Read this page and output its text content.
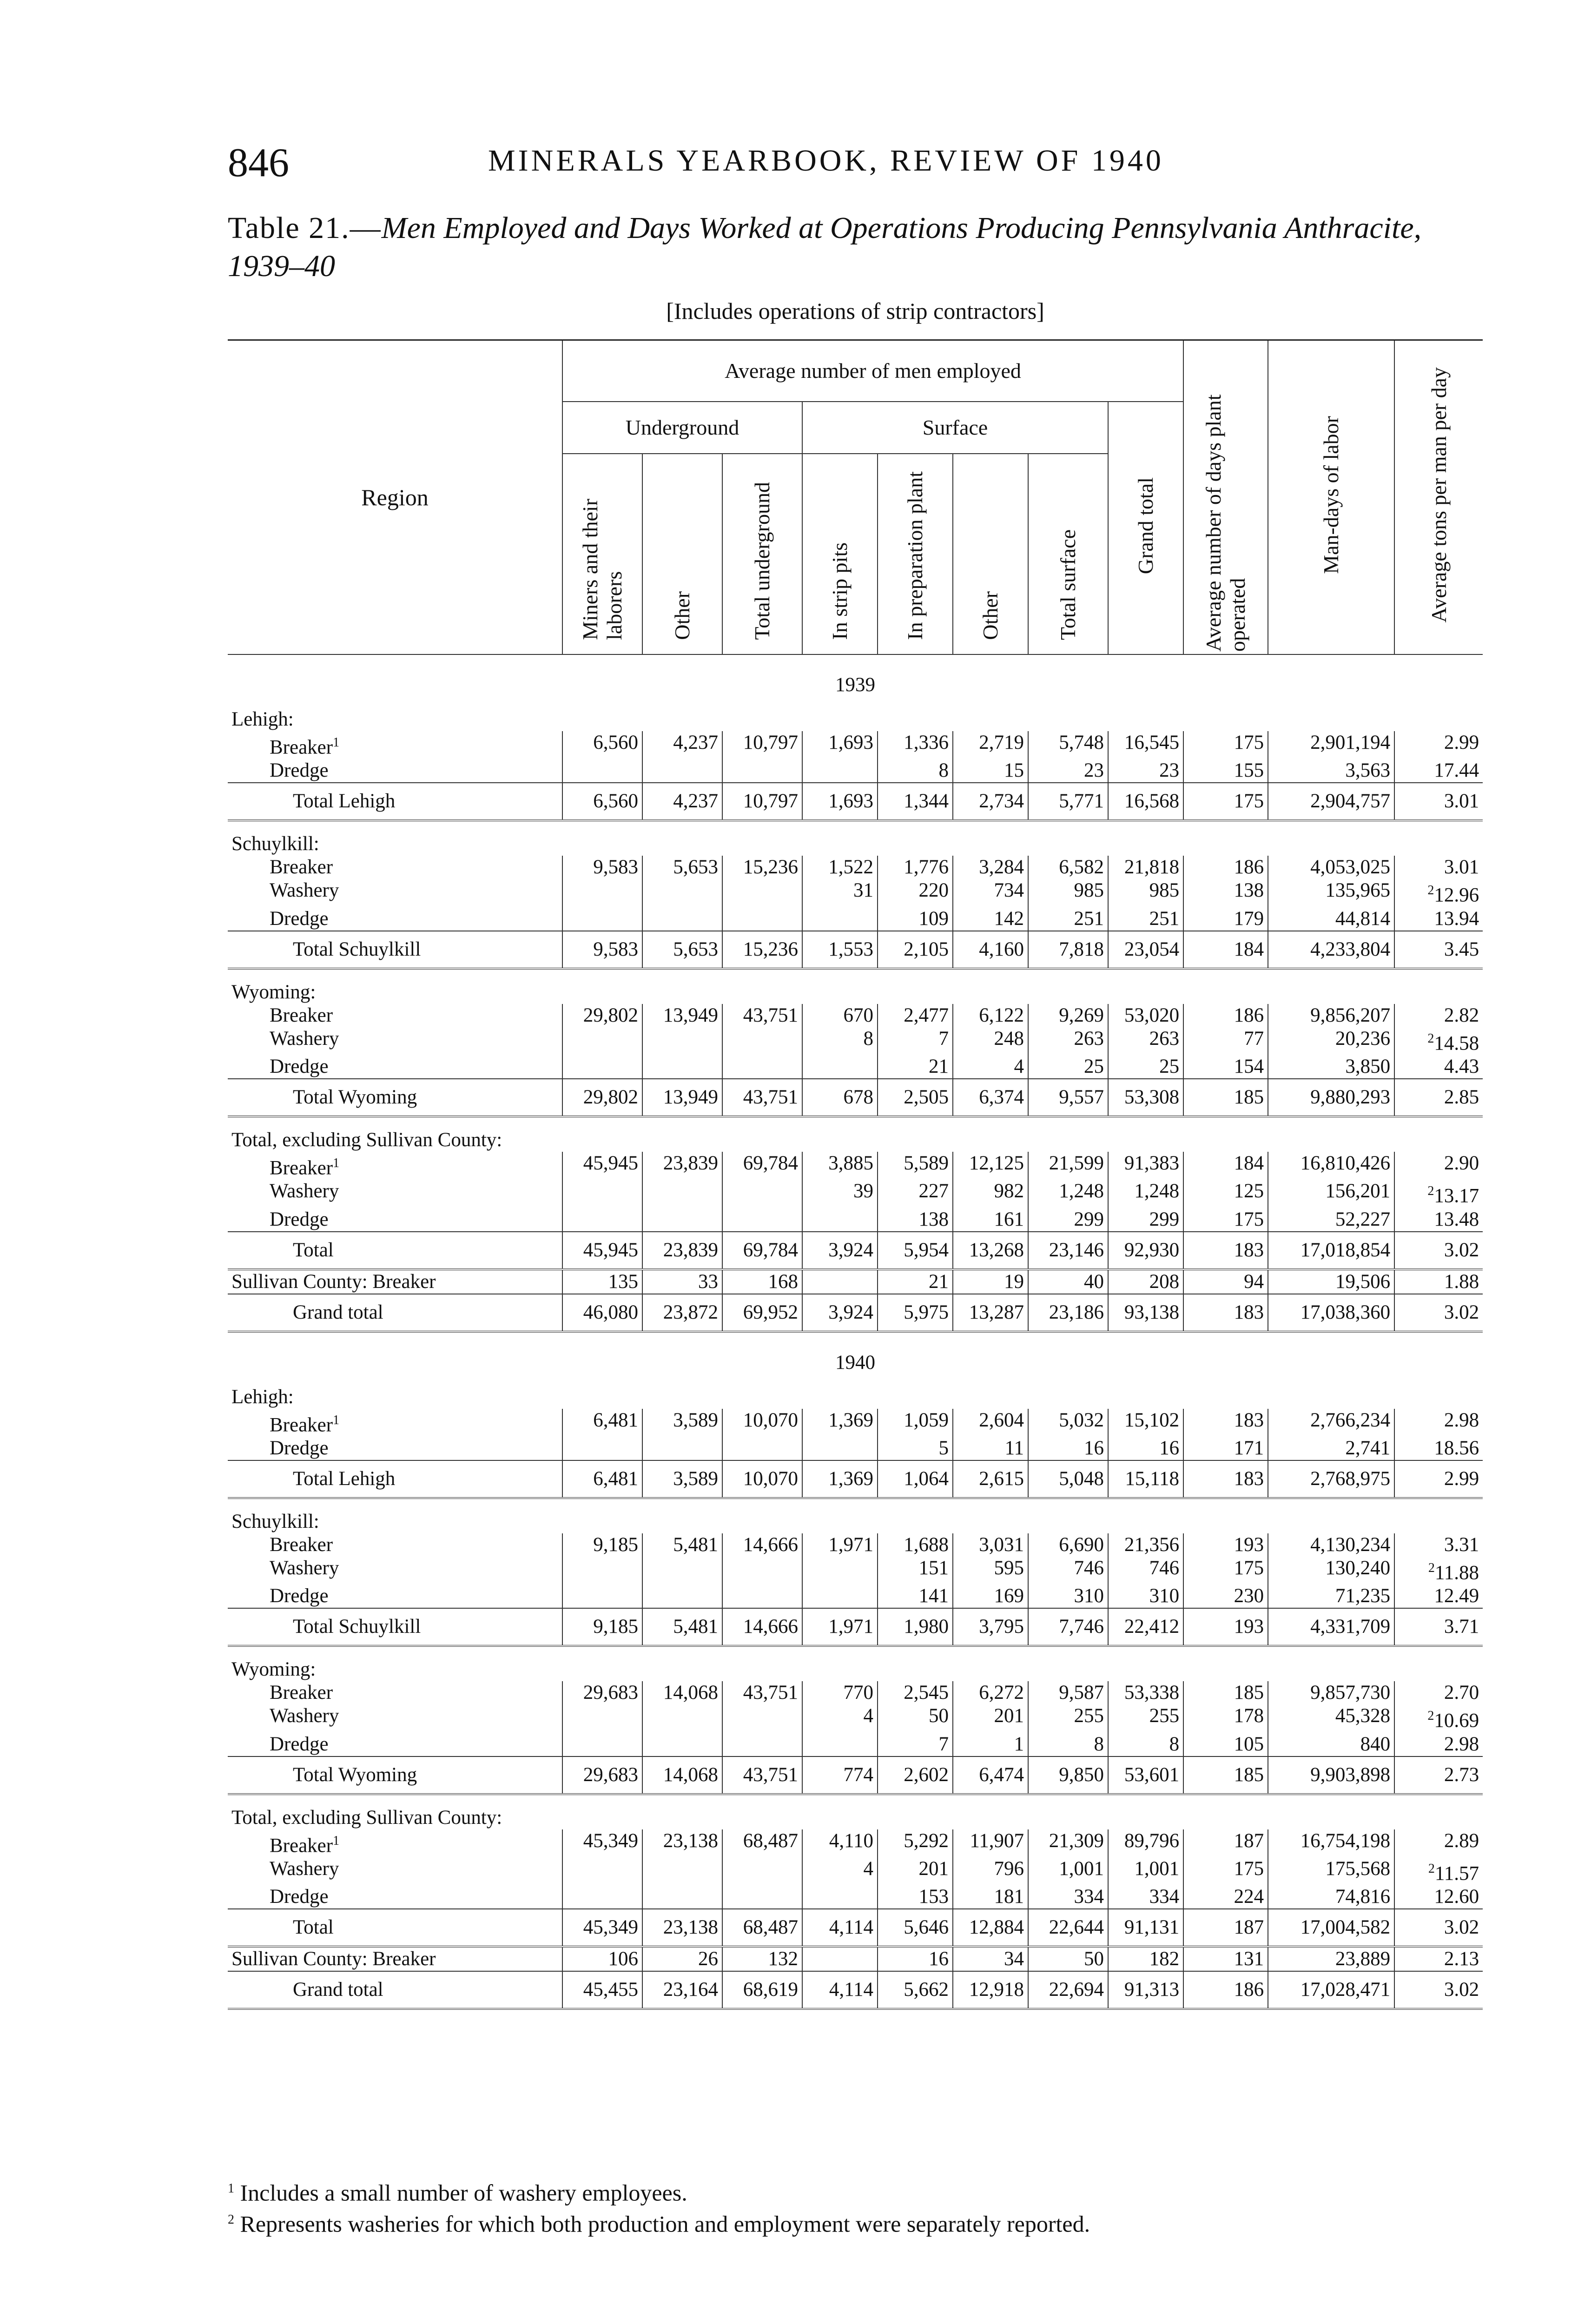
846	MINERALS YEARBOOK, REVIEW OF 1940
Table 21.—Men Employed and Days Worked at Operations Producing Pennsylvania Anthracite, 1939–40
[Includes operations of strip contractors]
Region	Average number of men employed								Average number of days plant operated	Man-days of labor	Average tons per man per day
	Underground			Surface				Grand total			
	Miners and their laborers	Other	Total underground	In strip pits	In preparation plant	Other	Total surface				
1939											
Lehigh:											
Breaker$^1$	6,560	4,237	10,797	1,693	1,336	2,719	5,748	16,545	175	2,901,194	2.99
Dredge					8	15	23	23	155	3,563	17.44
Total Lehigh	6,560	4,237	10,797	1,693	1,344	2,734	5,771	16,568	175	2,904,757	3.01
Schuylkill:											
Breaker	9,583	5,653	15,236	1,522	1,776	3,284	6,582	21,818	186	4,053,025	3.01
Washery				31	220	734	985	985	138	135,965	$^2$12.96
Dredge					109	142	251	251	179	44,814	13.94
Total Schuylkill	9,583	5,653	15,236	1,553	2,105	4,160	7,818	23,054	184	4,233,804	3.45
Wyoming:											
Breaker	29,802	13,949	43,751	670	2,477	6,122	9,269	53,020	186	9,856,207	2.82
Washery				8	7	248	263	263	77	20,236	$^2$14.58
Dredge					21	4	25	25	154	3,850	4.43
Total Wyoming	29,802	13,949	43,751	678	2,505	6,374	9,557	53,308	185	9,880,293	2.85
Total, excluding Sullivan County:											
Breaker$^1$	45,945	23,839	69,784	3,885	5,589	12,125	21,599	91,383	184	16,810,426	2.90
Washery				39	227	982	1,248	1,248	125	156,201	$^2$13.17
Dredge					138	161	299	299	175	52,227	13.48
Total	45,945	23,839	69,784	3,924	5,954	13,268	23,146	92,930	183	17,018,854	3.02
Sullivan County: Breaker	135	33	168		21	19	40	208	94	19,506	1.88
Grand total	46,080	23,872	69,952	3,924	5,975	13,287	23,186	93,138	183	17,038,360	3.02
1940											
Lehigh:											
Breaker$^1$	6,481	3,589	10,070	1,369	1,059	2,604	5,032	15,102	183	2,766,234	2.98
Dredge					5	11	16	16	171	2,741	18.56
Total Lehigh	6,481	3,589	10,070	1,369	1,064	2,615	5,048	15,118	183	2,768,975	2.99
Schuylkill:											
Breaker	9,185	5,481	14,666	1,971	1,688	3,031	6,690	21,356	193	4,130,234	3.31
Washery					151	595	746	746	175	130,240	$^2$11.88
Dredge					141	169	310	310	230	71,235	12.49
Total Schuylkill	9,185	5,481	14,666	1,971	1,980	3,795	7,746	22,412	193	4,331,709	3.71
Wyoming:											
Breaker	29,683	14,068	43,751	770	2,545	6,272	9,587	53,338	185	9,857,730	2.70
Washery				4	50	201	255	255	178	45,328	$^2$10.69
Dredge					7	1	8	8	105	840	2.98
Total Wyoming	29,683	14,068	43,751	774	2,602	6,474	9,850	53,601	185	9,903,898	2.73
Total, excluding Sullivan County:											
Breaker$^1$	45,349	23,138	68,487	4,110	5,292	11,907	21,309	89,796	187	16,754,198	2.89
Washery				4	201	796	1,001	1,001	175	175,568	$^2$11.57
Dredge					153	181	334	334	224	74,816	12.60
Total	45,349	23,138	68,487	4,114	5,646	12,884	22,644	91,131	187	17,004,582	3.02
Sullivan County: Breaker	106	26	132		16	34	50	182	131	23,889	2.13
Grand total	45,455	23,164	68,619	4,114	5,662	12,918	22,694	91,313	186	17,028,471	3.02
$^1$ Includes a small number of washery employees.
$^2$ Represents washeries for which both production and employment were separately reported.
